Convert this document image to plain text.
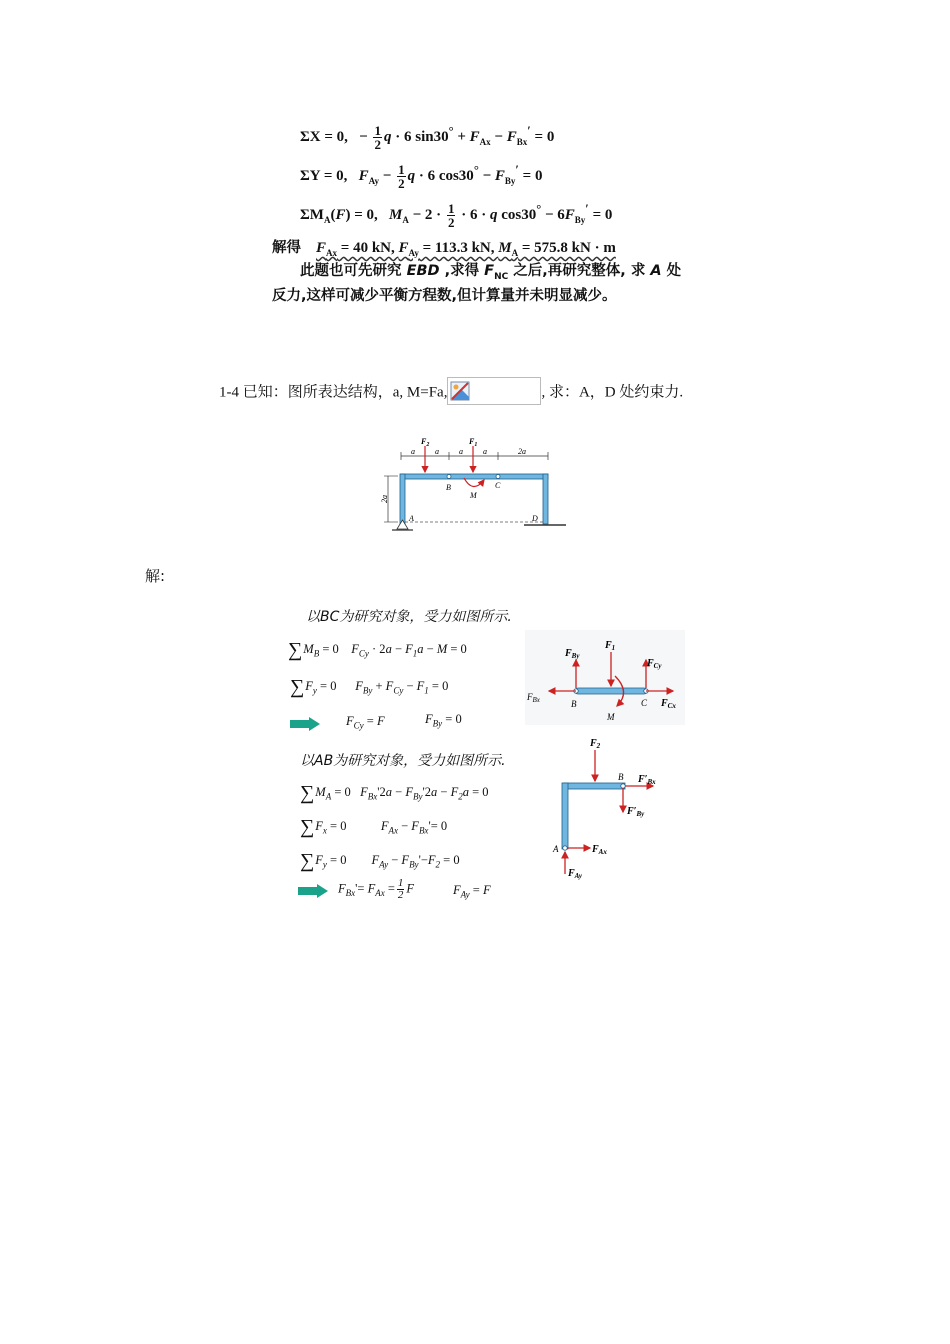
ΣX = 0,   − $\frac{1}{2}$ q · 6 $\sin 30^\circ + F_{Ax} - F_{Bx}' = 0$
ΣY = 0,   $F_{Ay} - \frac{1}{2}$ q · 6 $\cos 30^\circ - F_{By}' = 0$
$\Sigma M_A(F) = 0$,   $M_A - 2 \cdot \frac{1}{2} \cdot 6 \cdot q$ $\cos 30^\circ - 6F_{By}' = 0$
解得 $F_{Ax} = 40$ kN, $F_{Ay} = 113.3$ kN, $M_A = 575.8$ kN · m
此题也可先研究 EBD ,求得 $F_{NC}$ 之后,再研究整体, 求 A 处
反力,这样可减少平衡方程数,但计算量并未明显减少。
1-4 已知：图所表达结构，a, M=Fa,	, 求：A，D 处约束力.
a	a	a	a	2a
$F_2$	$F_1$
B	C
M
2a
A	D
解:
以BC为研究对象，受力如图所示.
$\sum M_B = 0$ $F_{Cy} \cdot 2a - F_1a - M = 0$
$\sum F_y = 0$ $F_{By} + F_{Cy} - F_1 = 0$
$F_{Cy} = F$	$F_{By} = 0$
$F_{By}$
$F_1$
$F_{Cy}$
$F_{Bx}$	$F_{Cx}$
B	C
M
以AB为研究对象，受力如图所示.
$\sum M_A = 0$ $F_{Bx}'2a - F_{By}'2a - F_2a = 0$
$\sum F_x = 0$	$F_{Ax} - F_{Bx}'= 0$
$\sum F_y = 0$ $F_{Ay} - F_{By}'-F_2 = 0$
$F_{Bx}'= F_{Ax} = \frac{1}{2}$ F	$F_{Ay} = F$
$F_2$
B $F'_{Bx}$
$F'_{By}$
A	$F_{Ax}$
$F_{Ay}$
